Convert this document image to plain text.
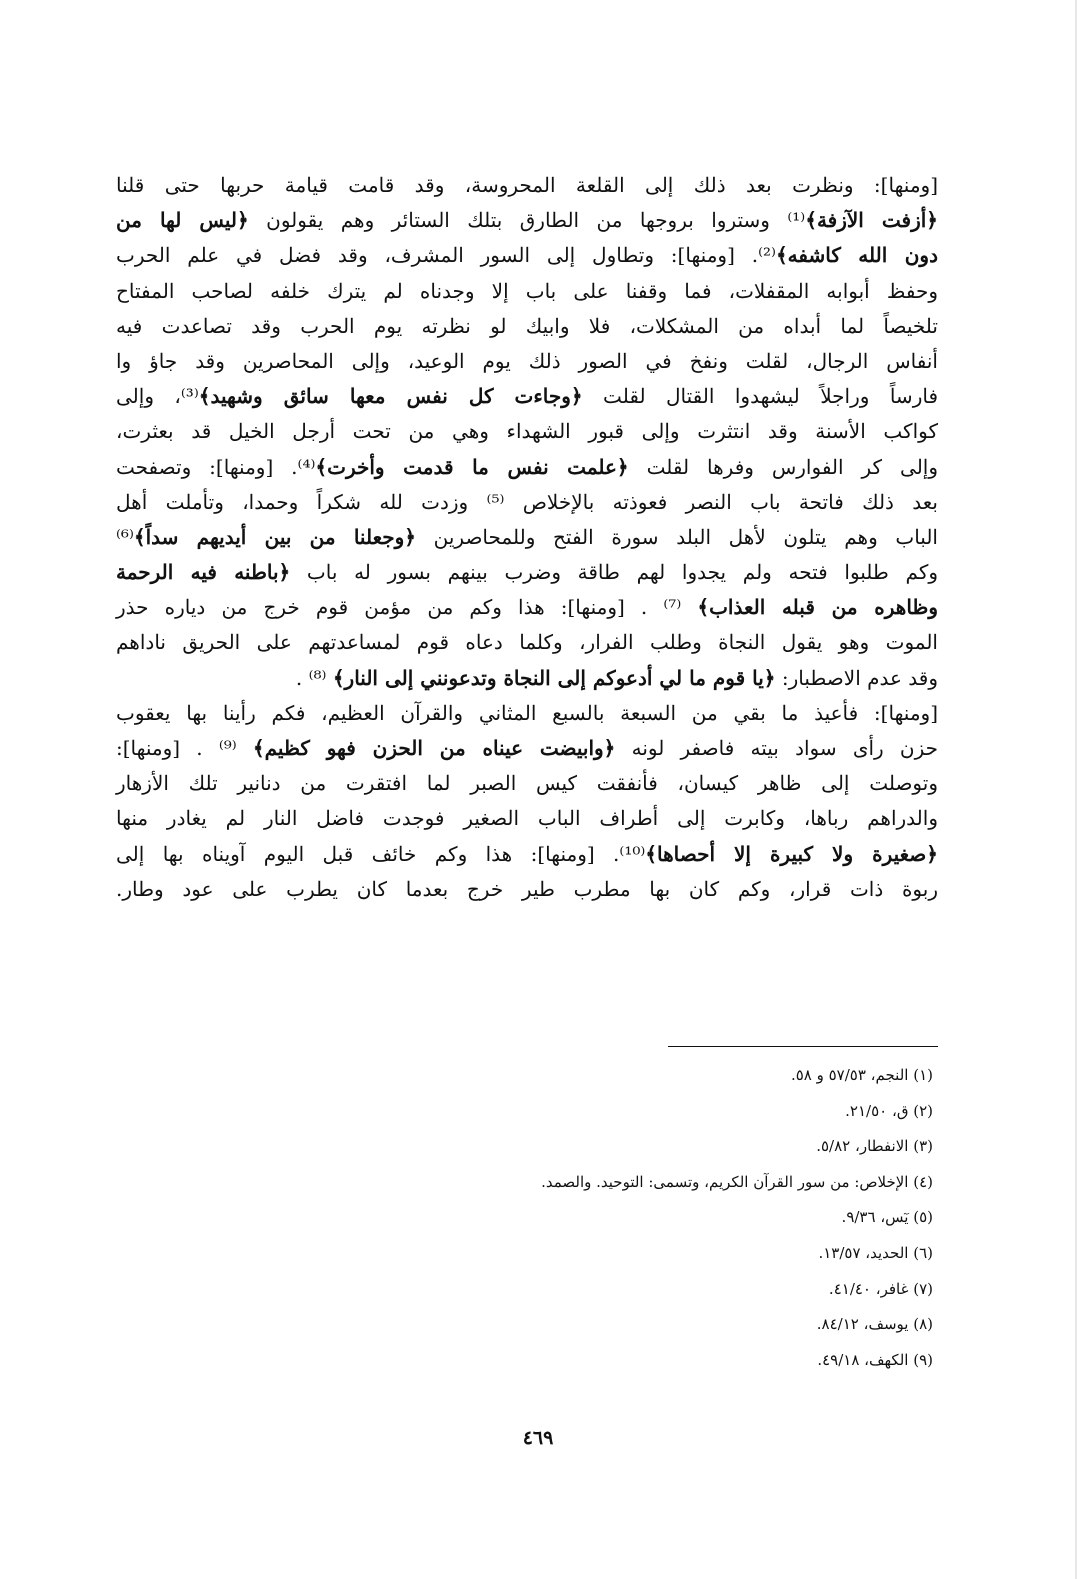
[ومنها]: ونظرت بعد ذلك إلى القلعة المحروسة، وقد قامت قيامة حربها حتى قلنا
﴿أزفت الآزفة﴾⁽¹⁾ وستروا بروجها من الطارق بتلك الستائر وهم يقولون ﴿ليس لها من
دون الله كاشفه﴾⁽²⁾. [ومنها]: وتطاول إلى السور المشرف، وقد فضل في علم الحرب
وحفظ أبوابه المقفلات، فما وقفنا على باب إلا وجدناه لم يترك خلفه لصاحب المفتاح
تلخيصاً لما أبداه من المشكلات، فلا وابيك لو نظرته يوم الحرب وقد تصاعدت فيه
أنفاس الرجال، لقلت ونفخ في الصور ذلك يوم الوعيد، وإلى المحاصرين وقد جاؤ وا
فارساً وراجلاً ليشهدوا القتال لقلت ﴿وجاءت كل نفس معها سائق وشهيد﴾⁽³⁾، وإلى
كواكب الأسنة وقد انتثرت وإلى قبور الشهداء وهي من تحت أرجل الخيل قد بعثرت،
وإلى كر الفوارس وفرها لقلت ﴿علمت نفس ما قدمت وأخرت﴾⁽⁴⁾. [ومنها]: وتصفحت
بعد ذلك فاتحة باب النصر فعوذته بالإخلاص ⁽⁵⁾ وزدت لله شكراً وحمدا، وتأملت أهل
الباب وهم يتلون لأهل البلد سورة الفتح وللمحاصرين ﴿وجعلنا من بين أيديهم سداً﴾⁽⁶⁾
وكم طلبوا فتحه ولم يجدوا لهم طاقة وضرب بينهم بسور له باب ﴿باطنه فيه الرحمة
وظاهره من قبله العذاب﴾ ⁽⁷⁾ . [ومنها]: هذا وكم من مؤمن قوم خرج من دياره حذر
الموت وهو يقول النجاة وطلب الفرار، وكلما دعاه قوم لمساعدتهم على الحريق ناداهم
وقد عدم الاصطبار: ﴿يا قوم ما لي أدعوكم إلى النجاة وتدعونني إلى النار﴾ ⁽⁸⁾ .
[ومنها]: فأعيذ ما بقي من السبعة بالسبع المثاني والقرآن العظيم، فكم رأينا بها يعقوب
حزن رأى سواد بيته فاصفر لونه ﴿وابيضت عيناه من الحزن فهو كظيم﴾ ⁽⁹⁾ . [ومنها]:
وتوصلت إلى ظاهر كيسان، فأنفقت كيس الصبر لما افتقرت من دنانير تلك الأزهار
والدراهم رباها، وكابرت إلى أطراف الباب الصغير فوجدت فاضل النار لم يغادر منها
﴿صغيرة ولا كبيرة إلا أحصاها﴾⁽¹⁰⁾. [ومنها]: هذا وكم خائف قبل اليوم آويناه بها إلى
ربوة ذات قرار، وكم كان بها مطرب طير خرج بعدما كان يطرب على عود وطار.
(١) النجم، ٥٧/٥٣ و ٥٨.
(٢) ق، ٢١/٥٠.
(٣) الانفطار، ٥/٨٢.
(٤) الإخلاص: من سور القرآن الكريم، وتسمى: التوحيد. والصمد.
(٥) يٓس، ٩/٣٦.
(٦) الحديد، ١٣/٥٧.
(٧) غافر، ٤١/٤٠.
(٨) يوسف، ٨٤/١٢.
(٩) الكهف، ٤٩/١٨.
٤٦٩
